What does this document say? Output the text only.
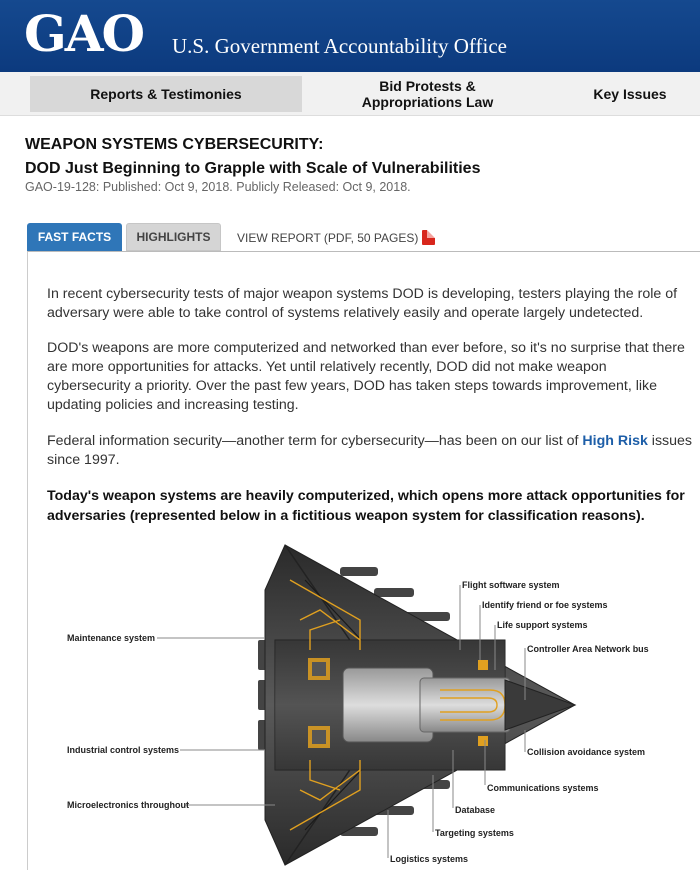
GAO U.S. Government Accountability Office
Reports & Testimonies	Bid Protests & Appropriations Law	Key Issues
WEAPON SYSTEMS CYBERSECURITY:
DOD Just Beginning to Grapple with Scale of Vulnerabilities
GAO-19-128: Published: Oct 9, 2018. Publicly Released: Oct 9, 2018.
FAST FACTS	HIGHLIGHTS	VIEW REPORT (PDF, 50 PAGES)
In recent cybersecurity tests of major weapon systems DOD is developing, testers playing the role of adversary were able to take control of systems relatively easily and operate largely undetected.
DOD's weapons are more computerized and networked than ever before, so it's no surprise that there are more opportunities for attacks. Yet until relatively recently, DOD did not make weapon cybersecurity a priority. Over the past few years, DOD has taken steps towards improvement, like updating policies and increasing testing.
Federal information security—another term for cybersecurity—has been on our list of High Risk issues since 1997.
Today's weapon systems are heavily computerized, which opens more attack opportunities for adversaries (represented below in a fictitious weapon system for classification reasons).
Flight software system
Identify friend or foe systems
Life support systems
Controller Area Network bus
Maintenance system
Industrial control systems	Collision avoidance system
Communications systems
Microelectronics throughout	Database
Targeting systems
Logistics systems
